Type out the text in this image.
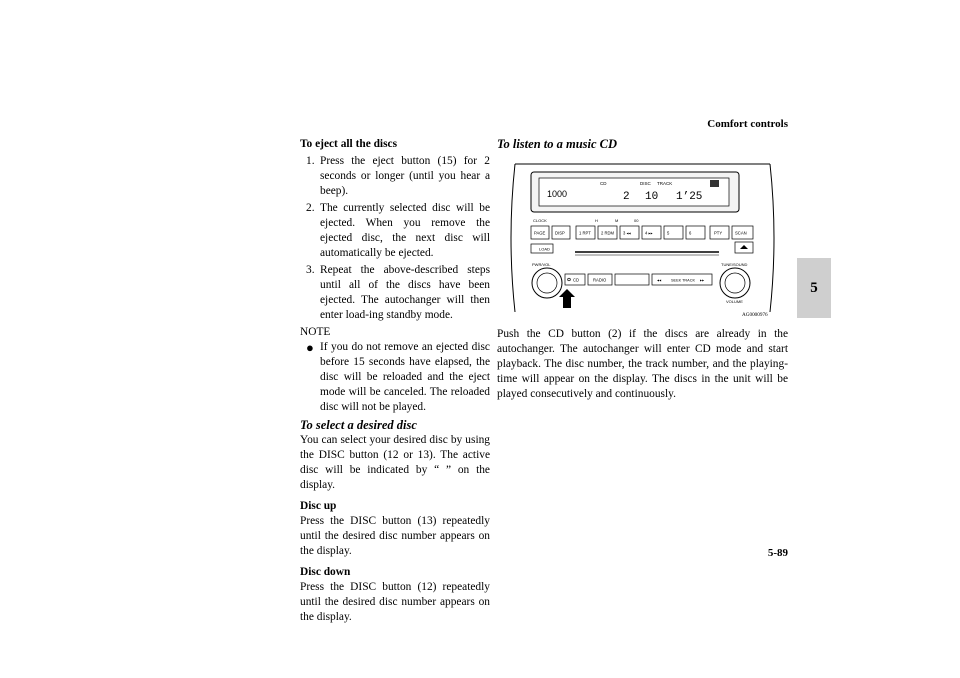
Comfort controls
5

To eject all the discs

1. Press the eject button (15) for 2 seconds or longer (until you hear a beep).
2. The currently selected disc will be ejected. When you remove the ejected disc, the next disc will automatically be ejected.
3. Repeat the above-described steps until all of the discs have been ejected. The autochanger will then enter load-ing standby mode.

NOTE

● If you do not remove an ejected disc before 15 seconds have elapsed, the disc will be reloaded and the eject mode will be canceled. The reloaded disc will not be played.

To select a desired disc

You can select your desired disc by using the DISC button (12 or 13). The active disc will be indicated by “ ” on the display.

Disc up

Press the DISC button (13) repeatedly until the desired disc number appears on the display.

Disc down

Press the DISC button (12) repeatedly until the desired disc number appears on the display.

To listen to a music CD

1000
CD	DISC TRACK
2 10 1’25
CLOCK	H	M	00
PAGE DISP	1 RPT 2 RDM 3 ◂◂	4 ▸▸	5	6	PTY	SCAN
LOAD
PWR/VOL	TUNE/SOUND
VOLUME
CD	RADIO	◂◂	SEEK TRACK ▸▸
AG0000976

Push the CD button (2) if the discs are already in the autochanger. The autochanger will enter CD mode and start playback. The disc number, the track number, and the playing-time will appear on the display. The discs in the unit will be played consecutively and continuously.

5-89
